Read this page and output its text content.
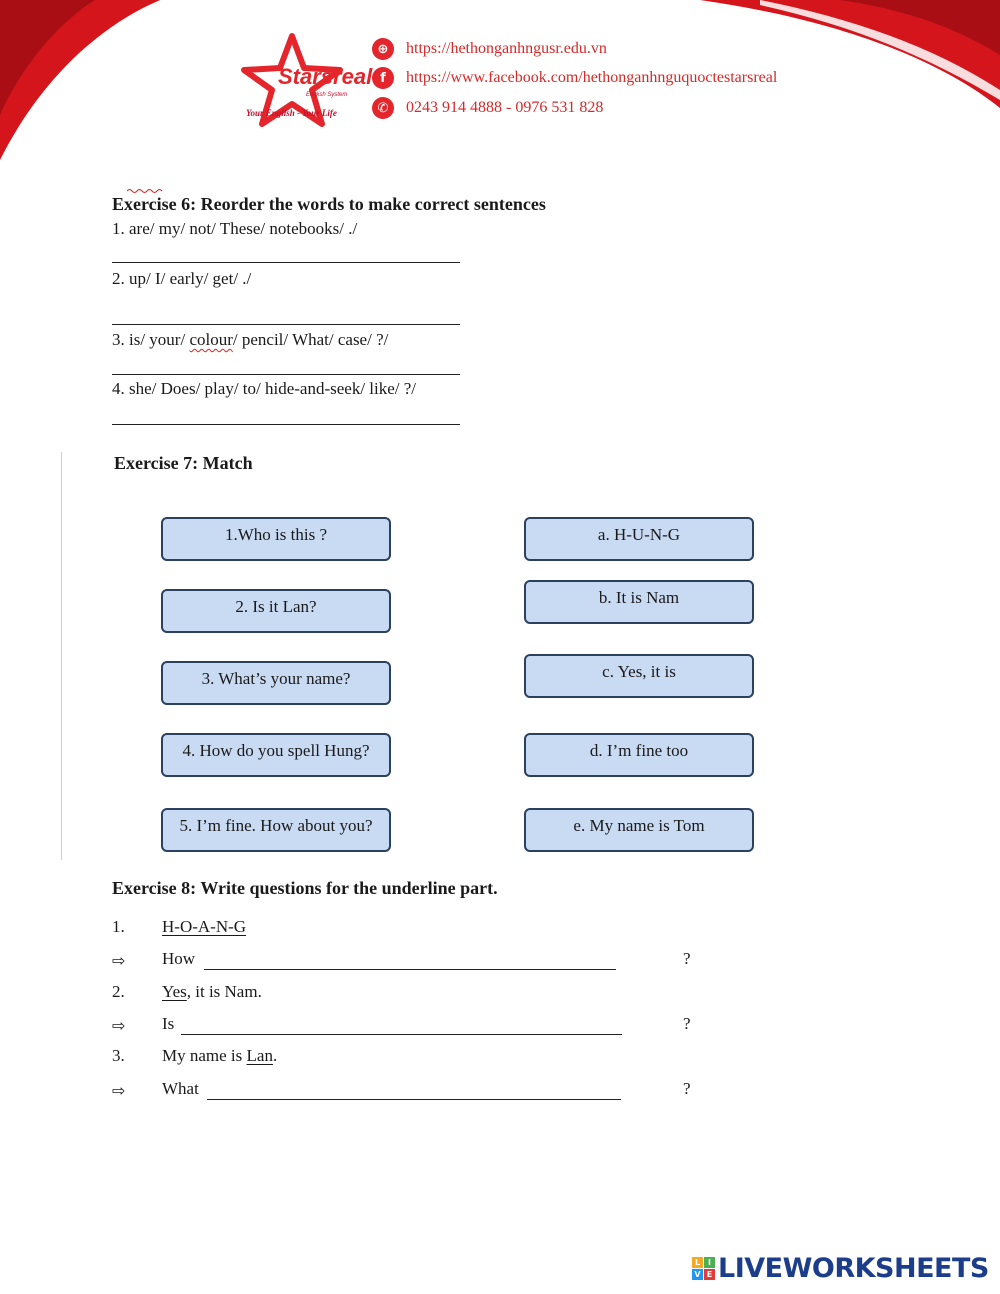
Starsreal
English System
Your English - Your Life
⊕	https://hethonganhngusr.edu.vn
f	https://www.facebook.com/hethonganhnguquoctestarsreal
✆	0243 914 4888 - 0976 531 828
Exercise 6: Reorder the words to make correct sentences
1. are/ my/ not/ These/ notebooks/ ./
2. up/ I/ early/ get/ ./
3. is/ your/ colour/ pencil/ What/ case/ ?/
4. she/ Does/ play/ to/ hide-and-seek/ like/ ?/
Exercise 7: Match
1.Who is this ?
2. Is it Lan?
3. What’s your name?
4. How do you spell Hung?
5. I’m fine. How about you?
a. H-U-N-G
b. It is Nam
c. Yes, it is
d. I’m fine too
e. My name is Tom
Exercise 8: Write questions for the underline part.
1. H-O-A-N-G
⇨ How	?
2. Yes, it is Nam.
⇨ Is	?
3. My name is Lan.
⇨ What	?
L I
V E LIVEWORKSHEETS
